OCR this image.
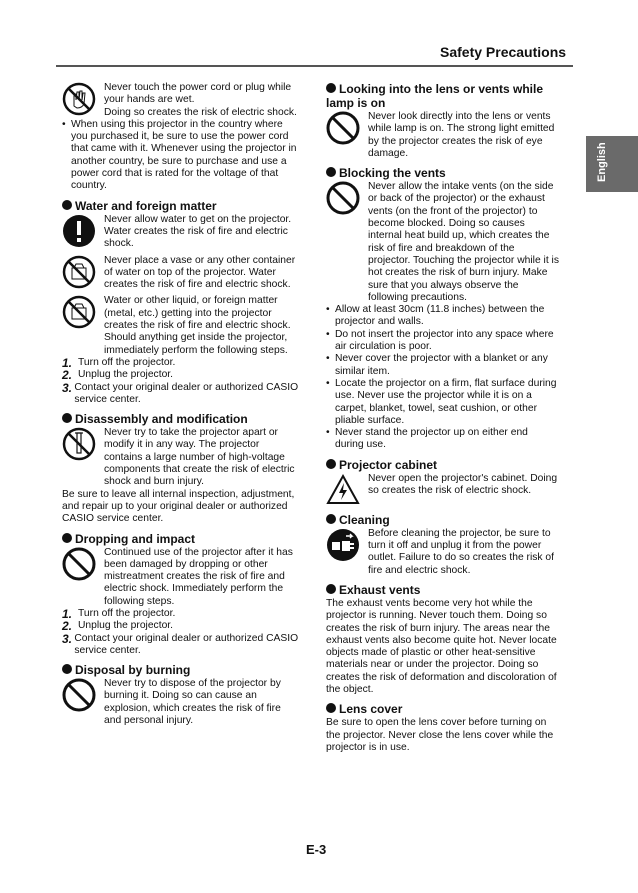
Safety Precautions
English

Never touch the power cord or plug while your hands are wet.

Doing so creates the risk of electric shock.

• When using this projector in the country where you purchased it, be sure to use the power cord that came with it. Whenever using the projector in another country, be sure to purchase and use a power cord that is rated for the voltage of that country.
Water and foreign matter

Never allow water to get on the projector. Water creates the risk of fire and electric shock.

Never place a vase or any other container of water on top of the projector. Water creates the risk of fire and electric shock.

Water or other liquid, or foreign matter (metal, etc.) getting into the projector creates the risk of fire and electric shock. Should anything get inside the projector, immediately perform the following steps.

1. Turn off the projector.
2. Unplug the projector.
3. Contact your original dealer or authorized CASIO service center.
Disassembly and modification

Never try to take the projector apart or modify it in any way. The projector contains a large number of high-voltage components that create the risk of electric shock and burn injury.

Be sure to leave all internal inspection, adjustment, and repair up to your original dealer or authorized CASIO service center.

Dropping and impact

Continued use of the projector after it has been damaged by dropping or other mistreatment creates the risk of fire and electric shock. Immediately perform the following steps.

1. Turn off the projector.
2. Unplug the projector.
3. Contact your original dealer or authorized CASIO service center.
Disposal by burning

Never try to dispose of the projector by burning it. Doing so can cause an explosion, which creates the risk of fire and personal injury.

Looking into the lens or vents while lamp is on

Never look directly into the lens or vents while lamp is on. The strong light emitted by the projector creates the risk of eye damage.

Blocking the vents

Never allow the intake vents (on the side or back of the projector) or the exhaust vents (on the front of the projector) to become blocked. Doing so causes internal heat build up, which creates the risk of fire and breakdown of the projector. Touching the projector while it is hot creates the risk of burn injury. Make sure that you always observe the following precautions.

• Allow at least 30cm (11.8 inches) between the projector and walls.
• Do not insert the projector into any space where air circulation is poor.
• Never cover the projector with a blanket or any similar item.
• Locate the projector on a firm, flat surface during use. Never use the projector while it is on a carpet, blanket, towel, seat cushion, or other pliable surface.
• Never stand the projector up on either end during use.
Projector cabinet

Never open the projector's cabinet. Doing so creates the risk of electric shock.

Cleaning

Before cleaning the projector, be sure to turn it off and unplug it from the power outlet. Failure to do so creates the risk of fire and electric shock.

Exhaust vents

The exhaust vents become very hot while the projector is running. Never touch them. Doing so creates the risk of burn injury. The areas near the exhaust vents also become quite hot. Never locate objects made of plastic or other heat-sensitive materials near or under the projector. Doing so creates the risk of deformation and discoloration of the object.

Lens cover

Be sure to open the lens cover before turning on the projector. Never close the lens cover while the projector is in use.

E-3
